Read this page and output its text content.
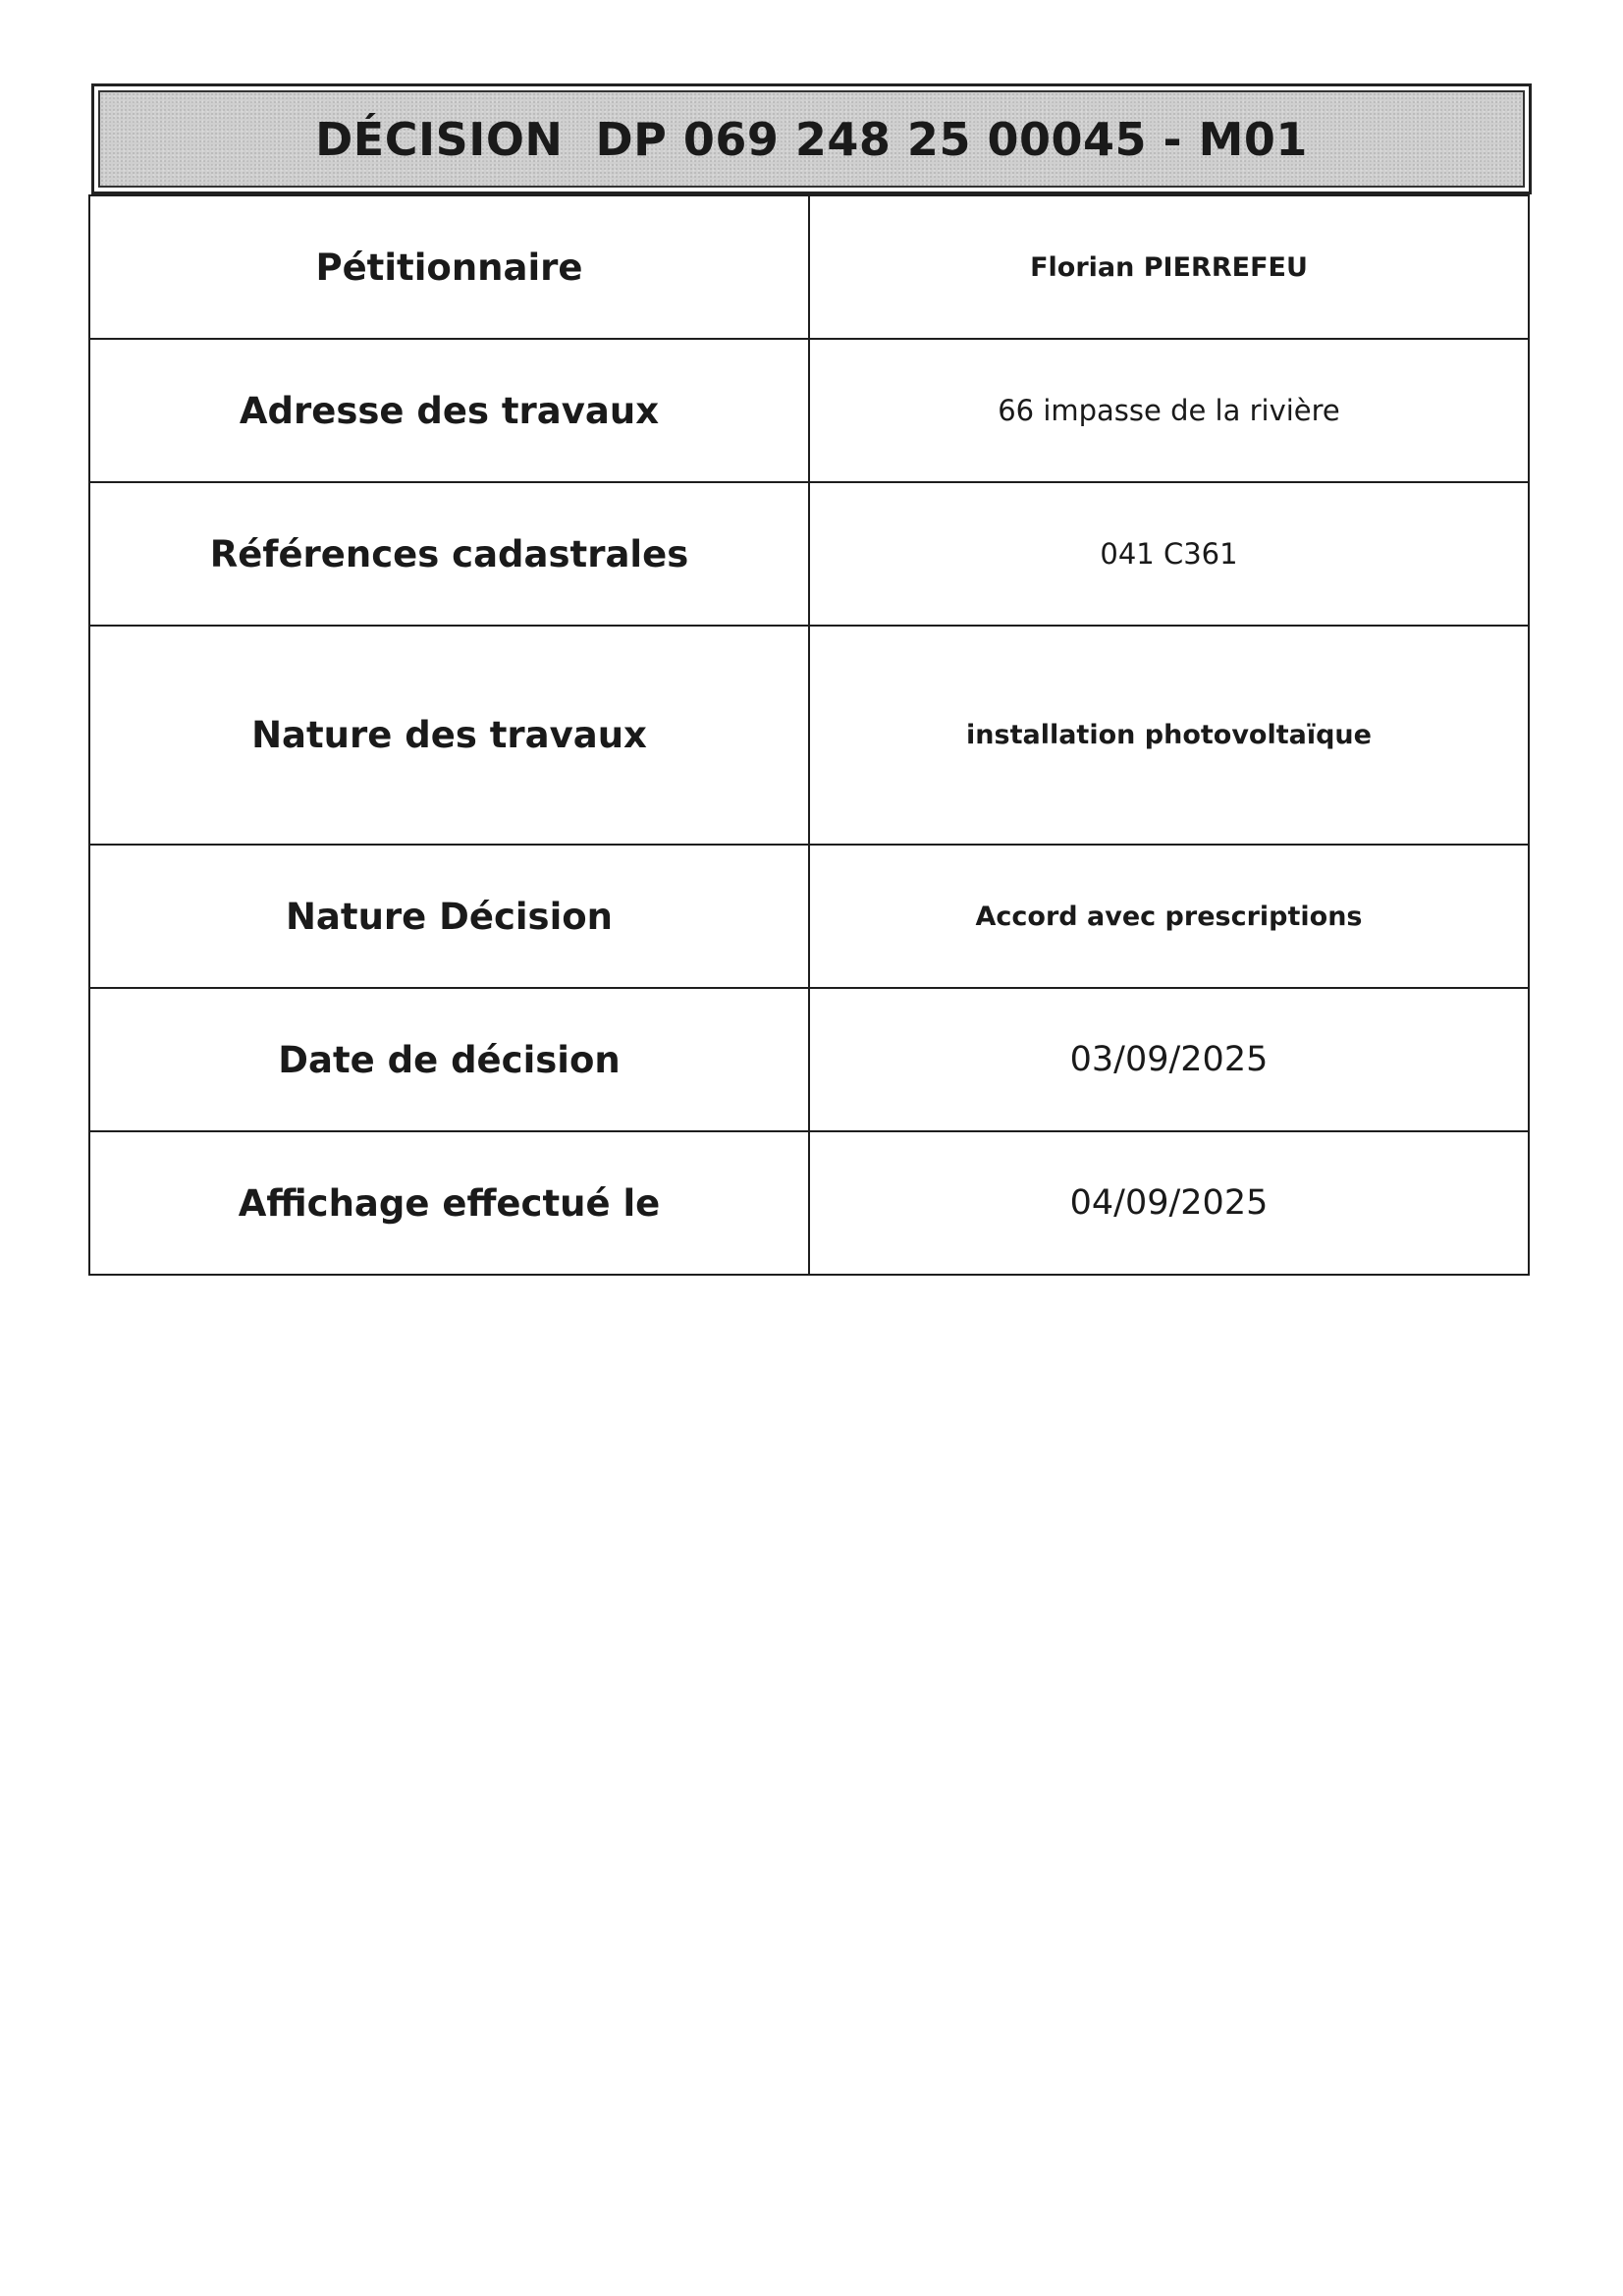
DÉCISION  DP 069 248 25 00045 - M01
Pétitionnaire	Florian PIERREFEU
Adresse des travaux	66 impasse de la rivière
Références cadastrales	041 C361
Nature des travaux	installation photovoltaïque
Nature Décision	Accord avec prescriptions
Date de décision	03/09/2025
Affichage effectué le	04/09/2025
